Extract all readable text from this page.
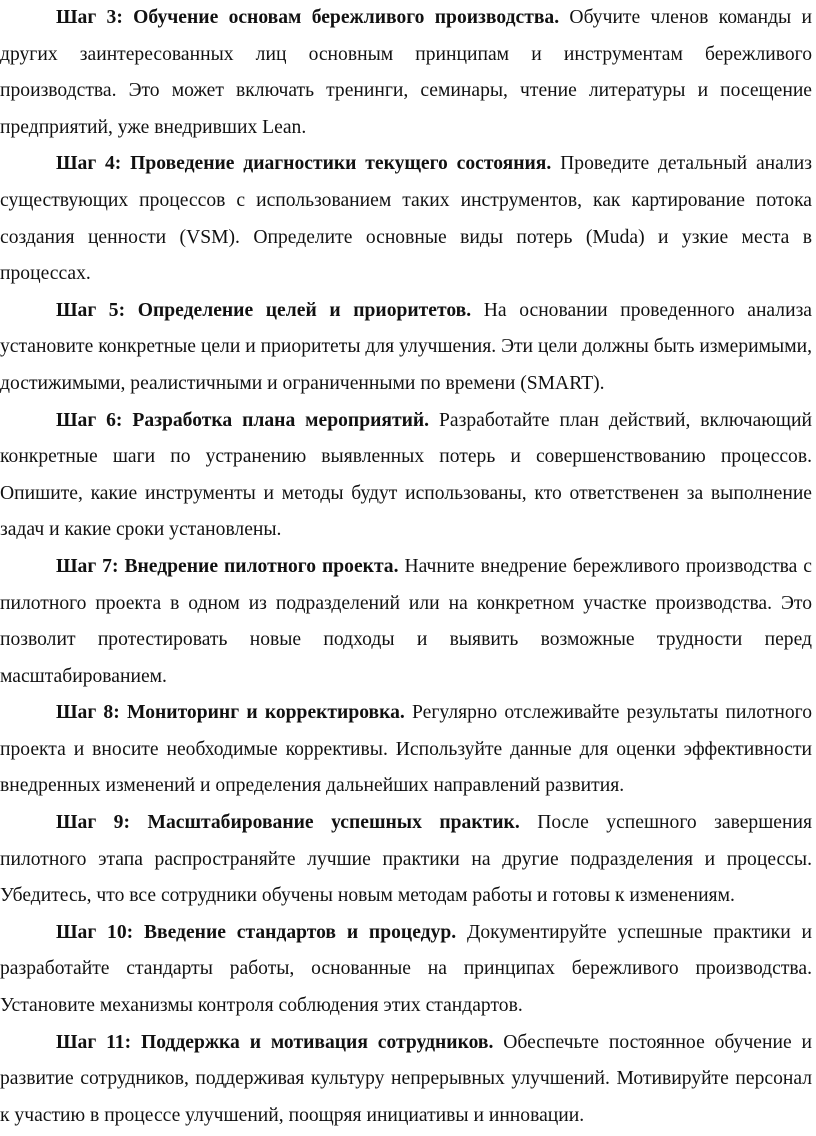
Шаг 3: Обучение основам бережливого производства. Обучите членов команды и других заинтересованных лиц основным принципам и инструментам бережливого производства. Это может включать тренинги, семинары, чтение литературы и посещение предприятий, уже внедривших Lean.

Шаг 4: Проведение диагностики текущего состояния. Проведите детальный анализ существующих процессов с использованием таких инструментов, как картирование потока создания ценности (VSM). Определите основные виды потерь (Muda) и узкие места в процессах.

Шаг 5: Определение целей и приоритетов. На основании проведенного анализа установите конкретные цели и приоритеты для улучшения. Эти цели должны быть измеримыми, достижимыми, реалистичными и ограниченными по времени (SMART).

Шаг 6: Разработка плана мероприятий. Разработайте план действий, включающий конкретные шаги по устранению выявленных потерь и совершенствованию процессов. Опишите, какие инструменты и методы будут использованы, кто ответственен за выполнение задач и какие сроки установлены.

Шаг 7: Внедрение пилотного проекта. Начните внедрение бережливого производства с пилотного проекта в одном из подразделений или на конкретном участке производства. Это позволит протестировать новые подходы и выявить возможные трудности перед масштабированием.

Шаг 8: Мониторинг и корректировка. Регулярно отслеживайте результаты пилотного проекта и вносите необходимые коррективы. Используйте данные для оценки эффективности внедренных изменений и определения дальнейших направлений развития.

Шаг 9: Масштабирование успешных практик. После успешного завершения пилотного этапа распространяйте лучшие практики на другие подразделения и процессы. Убедитесь, что все сотрудники обучены новым методам работы и готовы к изменениям.

Шаг 10: Введение стандартов и процедур. Документируйте успешные практики и разработайте стандарты работы, основанные на принципах бережливого производства. Установите механизмы контроля соблюдения этих стандартов.

Шаг 11: Поддержка и мотивация сотрудников. Обеспечьте постоянное обучение и развитие сотрудников, поддерживая культуру непрерывных улучшений. Мотивируйте персонал к участию в процессе улучшений, поощряя инициативы и инновации.
